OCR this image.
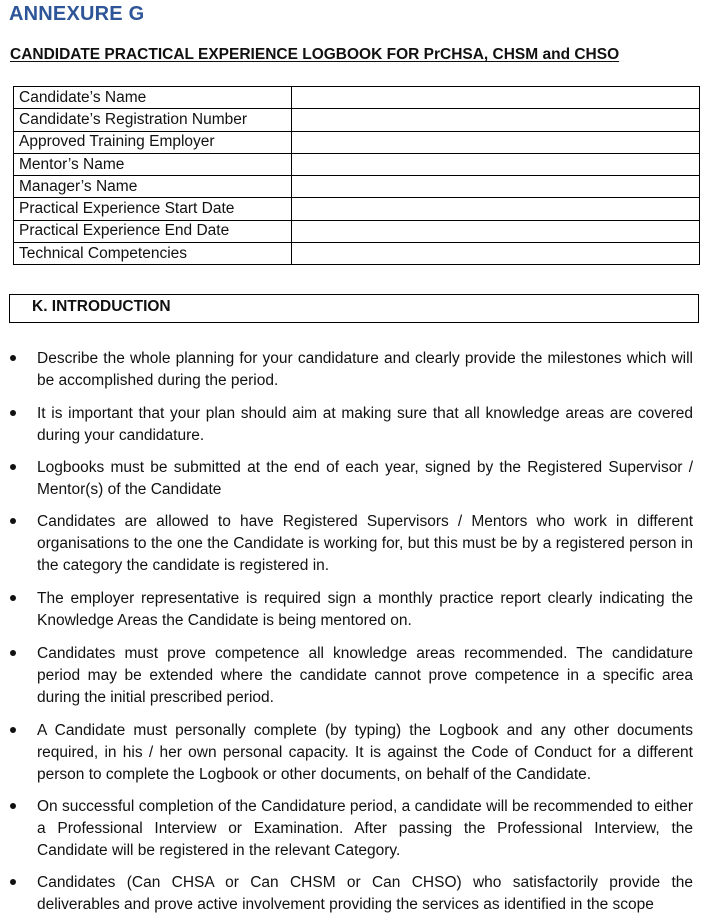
ANNEXURE G
CANDIDATE PRACTICAL EXPERIENCE LOGBOOK FOR PrCHSA, CHSM and CHSO
Candidate’s Name	
Candidate’s Registration Number	
Approved Training Employer	
Mentor’s Name	
Manager’s Name	
Practical Experience Start Date	
Practical Experience End Date	
Technical Competencies	
K. INTRODUCTION

Describe the whole planning for your candidature and clearly provide the milestones which will be accomplished during the period.

It is important that your plan should aim at making sure that all knowledge areas are covered during your candidature.

Logbooks must be submitted at the end of each year, signed by the Registered Supervisor / Mentor(s) of the Candidate

Candidates are allowed to have Registered Supervisors / Mentors who work in different organisations to the one the Candidate is working for, but this must be by a registered person in the category the candidate is registered in.

The employer representative is required sign a monthly practice report clearly indicating the Knowledge Areas the Candidate is being mentored on.

Candidates must prove competence all knowledge areas recommended. The candidature period may be extended where the candidate cannot prove competence in a specific area during the initial prescribed period.

A Candidate must personally complete (by typing) the Logbook and any other documents required, in his / her own personal capacity. It is against the Code of Conduct for a different person to complete the Logbook or other documents, on behalf of the Candidate.

On successful completion of the Candidature period, a candidate will be recommended to either a Professional Interview or Examination. After passing the Professional Interview, the Candidate will be registered in the relevant Category.

Candidates (Can CHSA or Can CHSM or Can CHSO) who satisfactorily provide the deliverables and prove active involvement providing the services as identified in the scope
